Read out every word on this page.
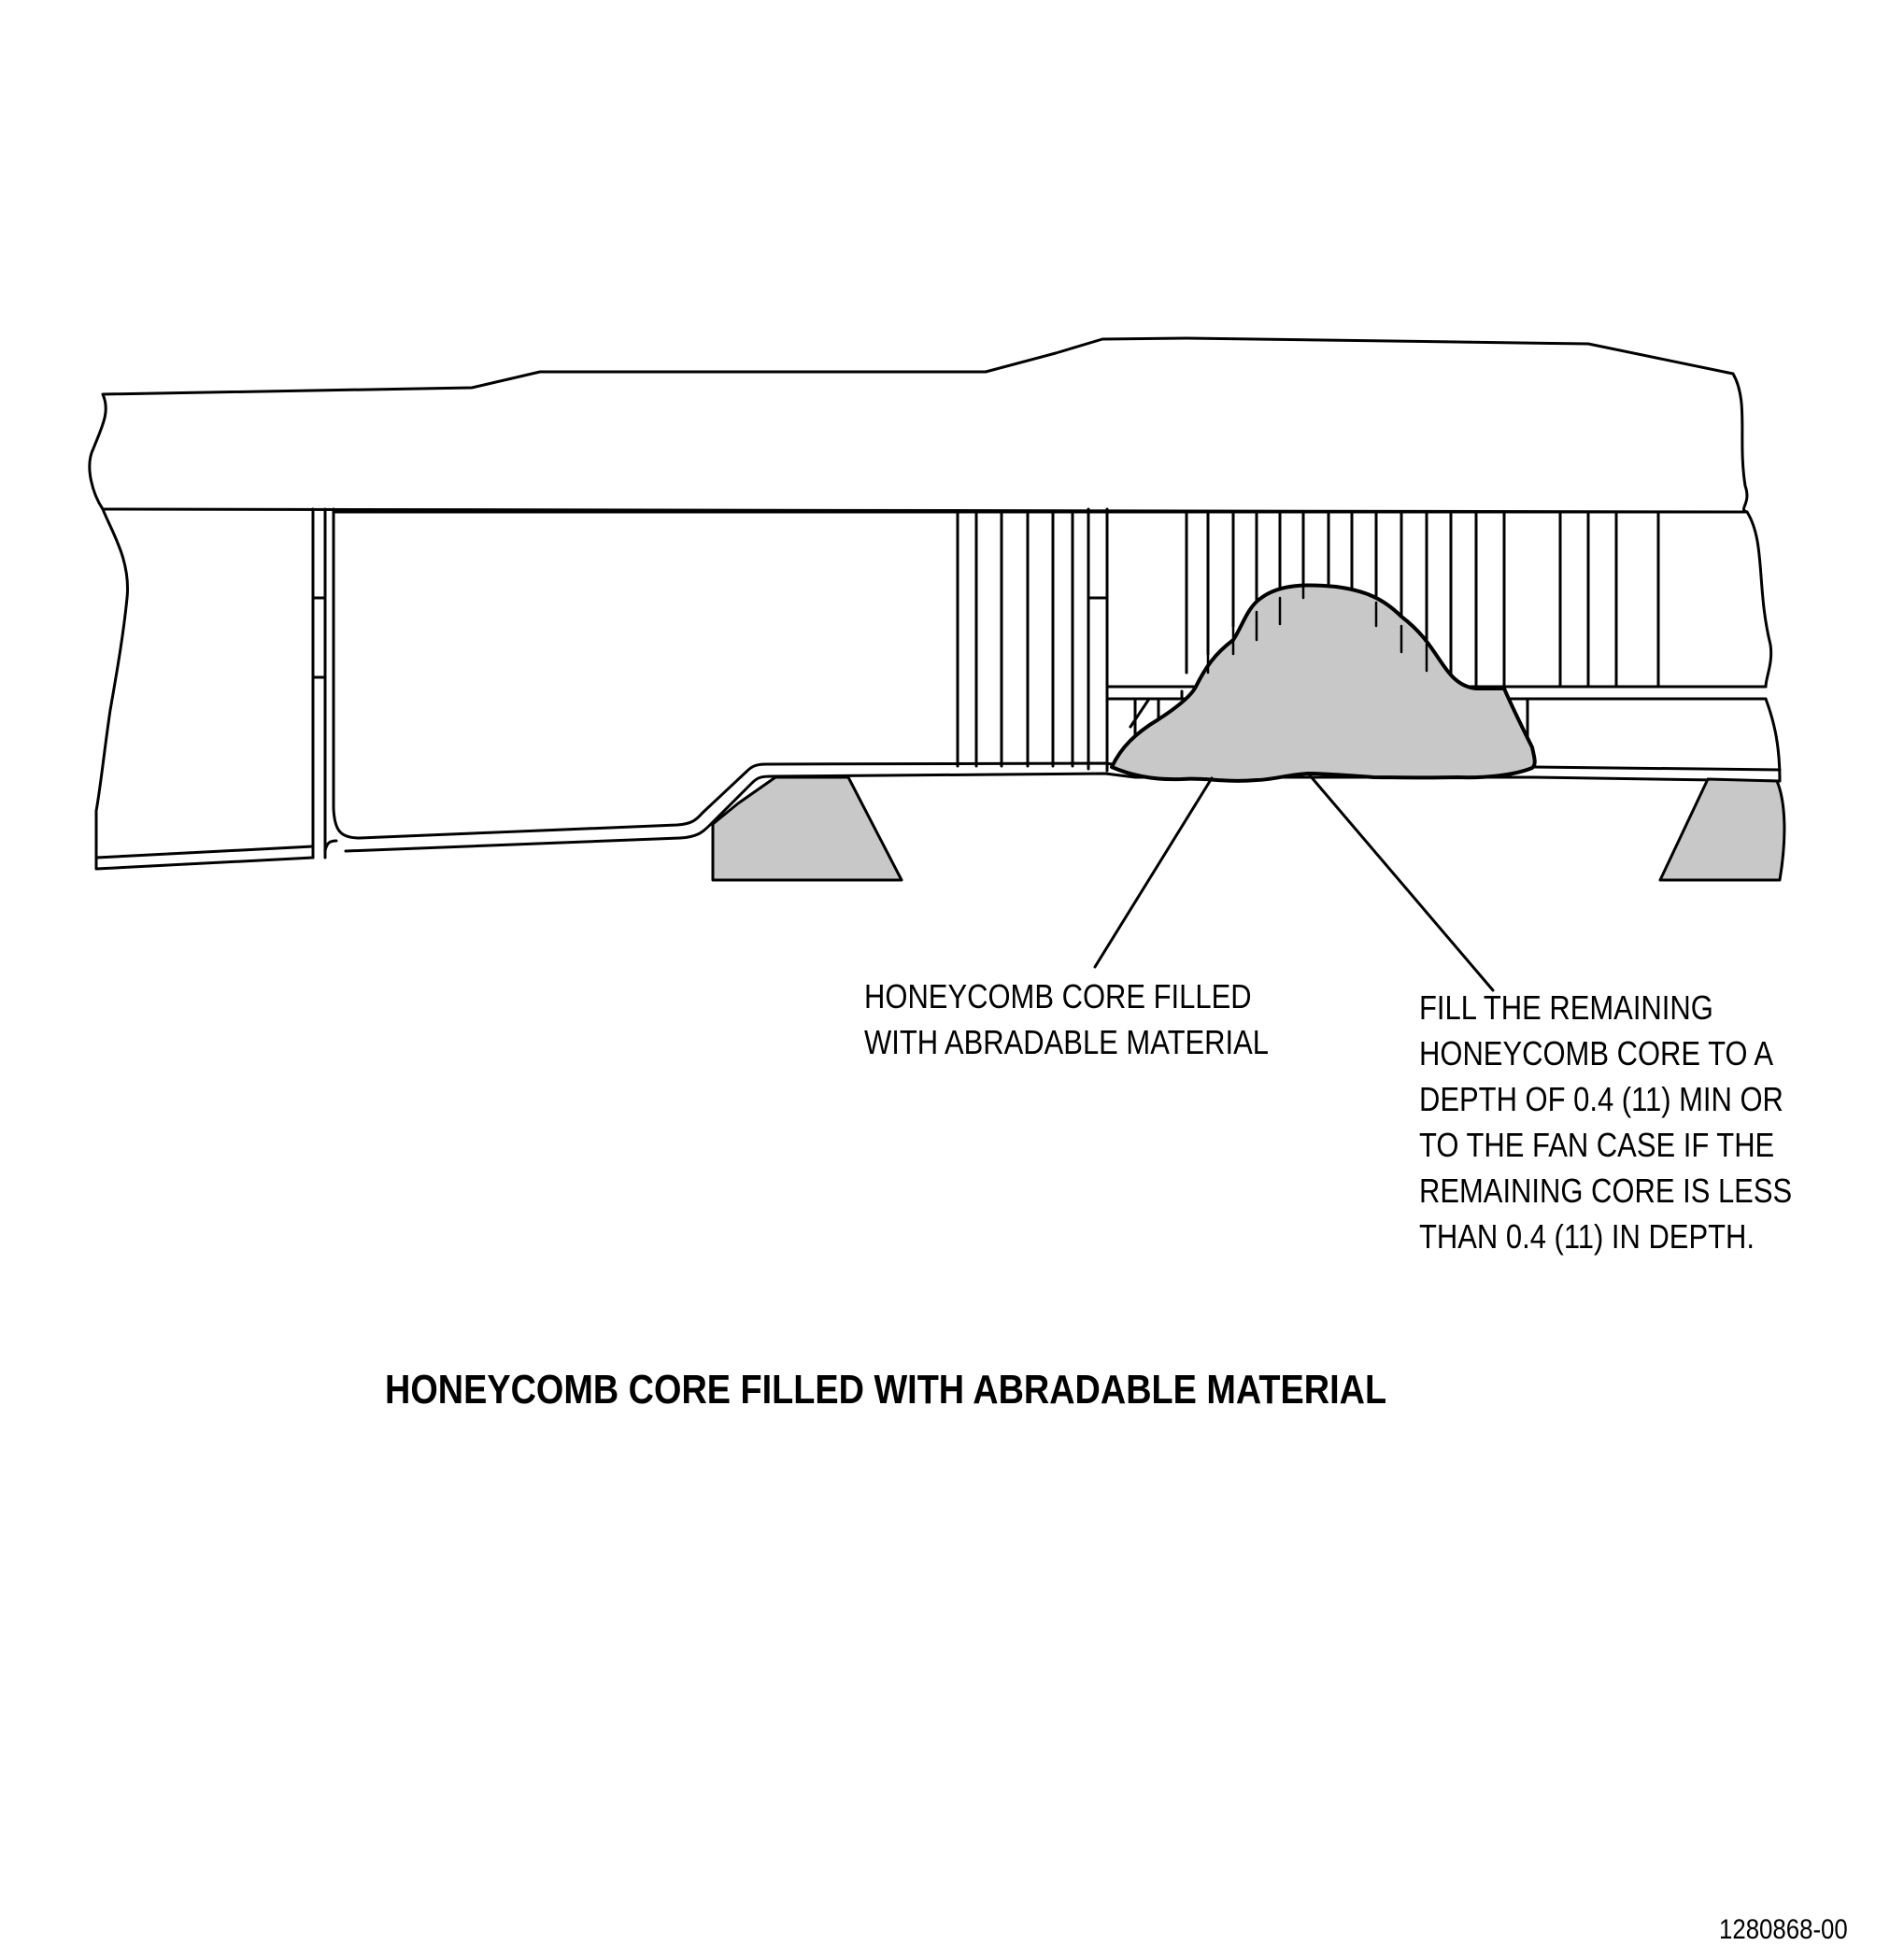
HONEYCOMB CORE FILLED
WITH ABRADABLE MATERIAL
FILL THE REMAINING
HONEYCOMB CORE TO A
DEPTH OF 0.4 (11) MIN OR
TO THE FAN CASE IF THE
REMAINING CORE IS LESS
THAN 0.4 (11) IN DEPTH.
HONEYCOMB CORE FILLED WITH ABRADABLE MATERIAL
1280868-00
